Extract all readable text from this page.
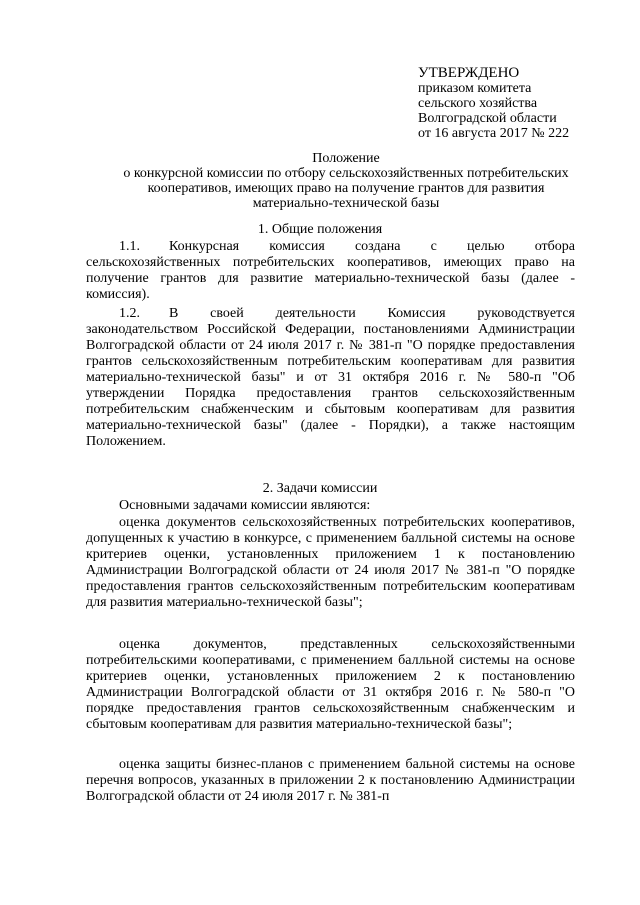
УТВЕРЖДЕНО
приказом комитета
сельского хозяйства
Волгоградской области
от 16 августа 2017 № 222
Положение
о конкурсной комиссии по отбору сельскохозяйственных потребительских
кооперативов, имеющих право на получение грантов для развития
материально-технической базы
1. Общие положения
1.1. Конкурсная комиссия создана с целью отбора сельскохозяйственных потребительских кооперативов, имеющих право на получение грантов для развитие материально-технической базы (далее - комиссия).
1.2. В своей деятельности Комиссия руководствуется законодательством Российской Федерации, постановлениями Администрации Волгоградской области от 24 июля 2017 г. № 381-п "О порядке предоставления грантов сельскохозяйственным потребительским кооперативам для развития материально-технической базы" и от 31 октября 2016 г. № 580-п "Об утверждении Порядка предоставления грантов сельскохозяйственным потребительским снабженческим и сбытовым кооперативам для развития материально-технической базы" (далее - Порядки), а также настоящим Положением.
2. Задачи комиссии
Основными задачами комиссии являются:
оценка документов сельскохозяйственных потребительских кооперативов, допущенных к участию в конкурсе, с применением балльной системы на основе критериев оценки, установленных приложением 1 к постановлению Администрации Волгоградской области от 24 июля 2017 № 381-п "О порядке предоставления грантов сельскохозяйственным потребительским кооперативам для развития материально-технической базы";
оценка документов, представленных сельскохозяйственными потребительскими кооперативами, с применением балльной системы на основе критериев оценки, установленных приложением 2 к постановлению Администрации Волгоградской области от 31 октября 2016 г. № 580-п "О порядке предоставления грантов сельскохозяйственным снабженческим и сбытовым кооперативам для развития материально-технической базы";
оценка защиты бизнес-планов с применением бальной системы на основе перечня вопросов, указанных в приложении 2 к постановлению Администрации Волгоградской области от 24 июля 2017 г. № 381-п
